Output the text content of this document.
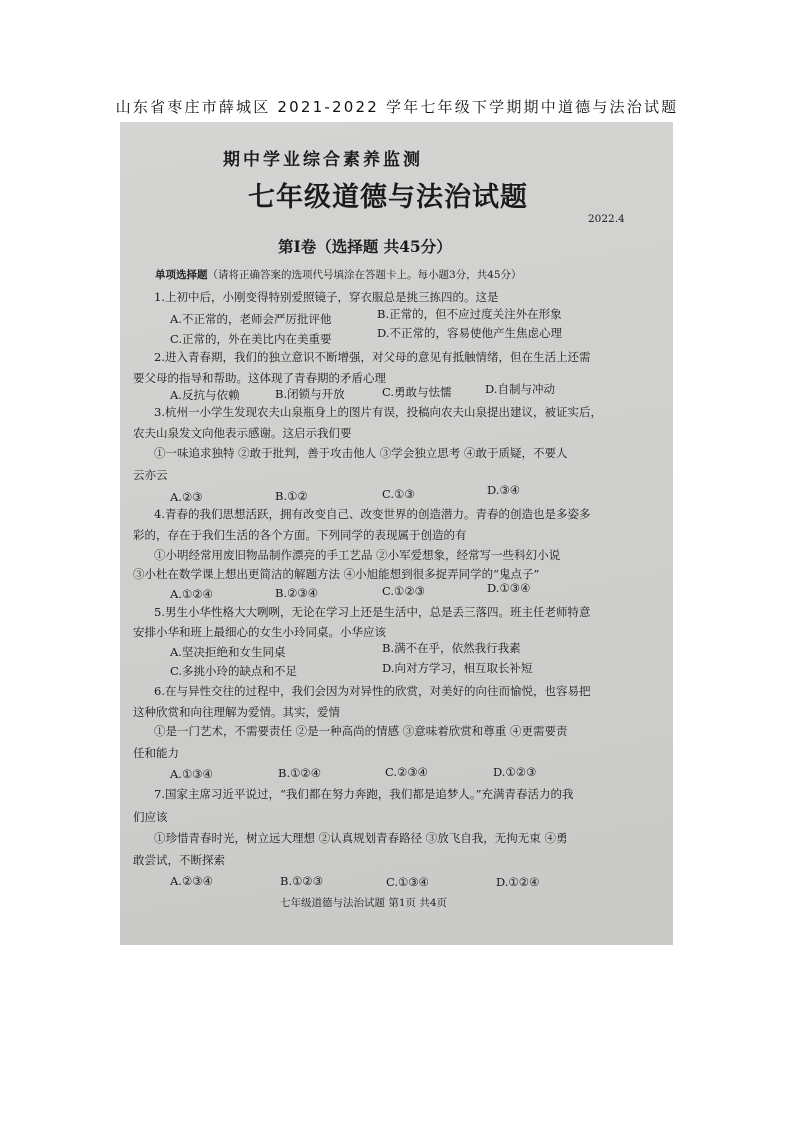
山东省枣庄市薛城区 2021-2022 学年七年级下学期期中道德与法治试题
期中学业综合素养监测
七年级道德与法治试题
2022.4
第Ⅰ卷（选择题 共45分）
单项选择题（请将正确答案的选项代号填涂在答题卡上。每小题3分，共45分）
1.上初中后，小刚变得特别爱照镜子，穿衣服总是挑三拣四的。这是
A.不正常的，老师会严厉批评他	B.正常的，但不应过度关注外在形象
C.正常的，外在美比内在美重要	D.不正常的，容易使他产生焦虑心理
2.进入青春期，我们的独立意识不断增强，对父母的意见有抵触情绪，但在生活上还需
要父母的指导和帮助。这体现了青春期的矛盾心理
A.反抗与依赖	B.闭锁与开放	C.勇敢与怯懦	D.自制与冲动
3.杭州一小学生发现农夫山泉瓶身上的图片有误，投稿向农夫山泉提出建议，被证实后，
农夫山泉发文向他表示感谢。这启示我们要
①一味追求独特 ②敢于批判，善于攻击他人 ③学会独立思考 ④敢于质疑，不要人
云亦云
A.②③	B.①②	C.①③	D.③④
4.青春的我们思想活跃，拥有改变自己、改变世界的创造潜力。青春的创造也是多姿多
彩的，存在于我们生活的各个方面。下列同学的表现属于创造的有
①小明经常用废旧物品制作漂亮的手工艺品 ②小军爱想象，经常写一些科幻小说
③小杜在数学课上想出更简洁的解题方法 ④小旭能想到很多捉弄同学的“鬼点子”
A.①②④	B.②③④	C.①②③	D.①③④
5.男生小华性格大大咧咧，无论在学习上还是生活中，总是丢三落四。班主任老师特意
安排小华和班上最细心的女生小玲同桌。小华应该
A.坚决拒绝和女生同桌	B.满不在乎，依然我行我素
C.多挑小玲的缺点和不足	D.向对方学习，相互取长补短
6.在与异性交往的过程中，我们会因为对异性的欣赏，对美好的向往而愉悦，也容易把
这种欣赏和向往理解为爱情。其实，爱情
①是一门艺术，不需要责任 ②是一种高尚的情感 ③意味着欣赏和尊重 ④更需要责
任和能力
A.①③④	B.①②④	C.②③④	D.①②③
7.国家主席习近平说过，“我们都在努力奔跑，我们都是追梦人。”充满青春活力的我
们应该
①珍惜青春时光，树立远大理想 ②认真规划青春路径 ③放飞自我，无拘无束 ④勇
敢尝试，不断探索
A.②③④	B.①②③	C.①③④	D.①②④
七年级道德与法治试题 第1页 共4页
